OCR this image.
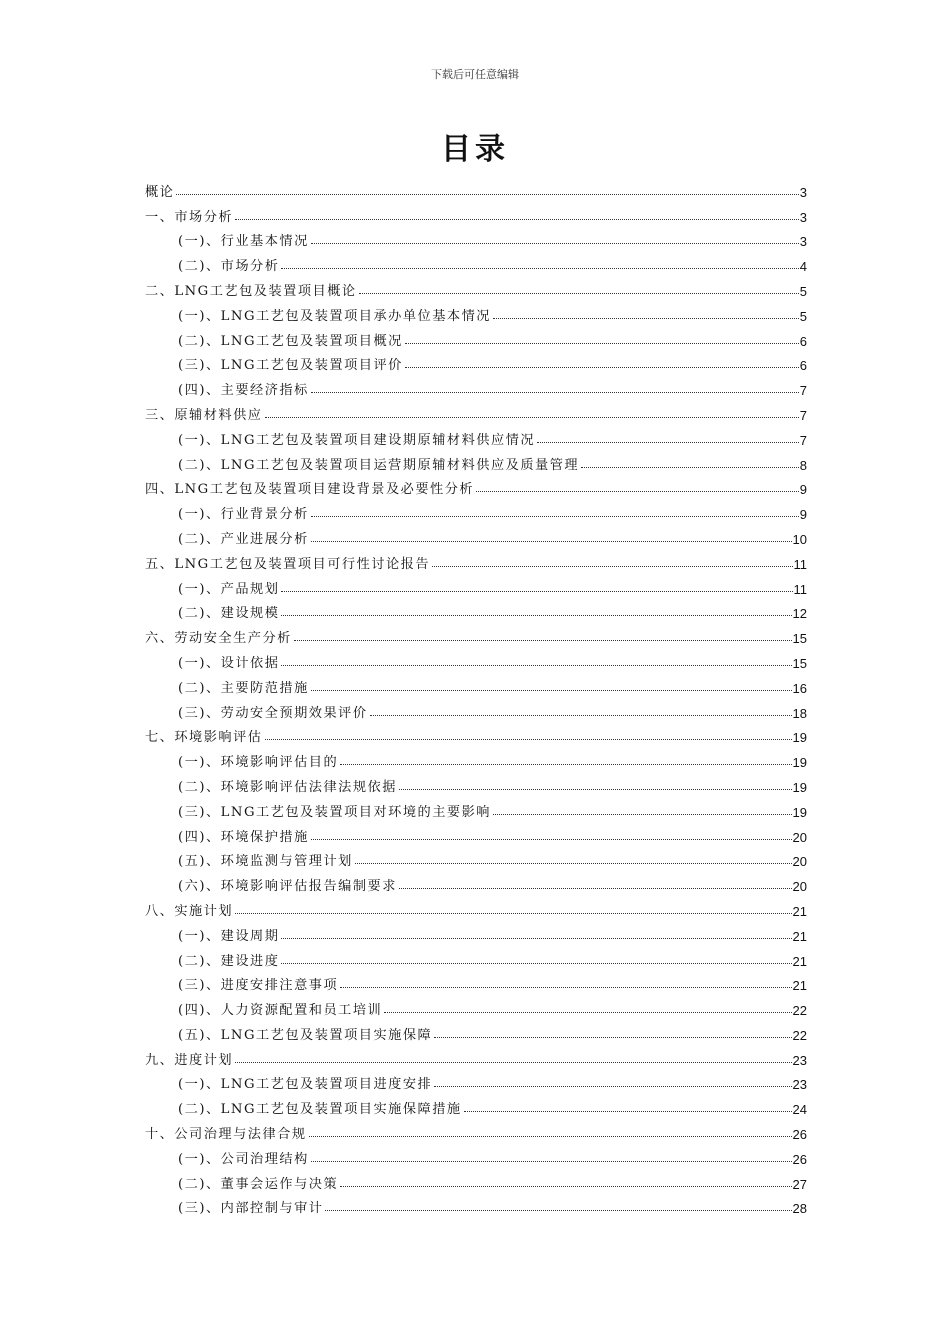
下载后可任意编辑
目录
概论	3
一、市场分析	3
(一)、行业基本情况	3
(二)、市场分析	4
二、LNG工艺包及装置项目概论	5
(一)、LNG工艺包及装置项目承办单位基本情况	5
(二)、LNG工艺包及装置项目概况	6
(三)、LNG工艺包及装置项目评价	6
(四)、主要经济指标	7
三、原辅材料供应	7
(一)、LNG工艺包及装置项目建设期原辅材料供应情况	7
(二)、LNG工艺包及装置项目运营期原辅材料供应及质量管理	8
四、LNG工艺包及装置项目建设背景及必要性分析	9
(一)、行业背景分析	9
(二)、产业进展分析	10
五、LNG工艺包及装置项目可行性讨论报告	11
(一)、产品规划	11
(二)、建设规模	12
六、劳动安全生产分析	15
(一)、设计依据	15
(二)、主要防范措施	16
(三)、劳动安全预期效果评价	18
七、环境影响评估	19
(一)、环境影响评估目的	19
(二)、环境影响评估法律法规依据	19
(三)、LNG工艺包及装置项目对环境的主要影响	19
(四)、环境保护措施	20
(五)、环境监测与管理计划	20
(六)、环境影响评估报告编制要求	20
八、实施计划	21
(一)、建设周期	21
(二)、建设进度	21
(三)、进度安排注意事项	21
(四)、人力资源配置和员工培训	22
(五)、LNG工艺包及装置项目实施保障	22
九、进度计划	23
(一)、LNG工艺包及装置项目进度安排	23
(二)、LNG工艺包及装置项目实施保障措施	24
十、公司治理与法律合规	26
(一)、公司治理结构	26
(二)、董事会运作与决策	27
(三)、内部控制与审计	28
